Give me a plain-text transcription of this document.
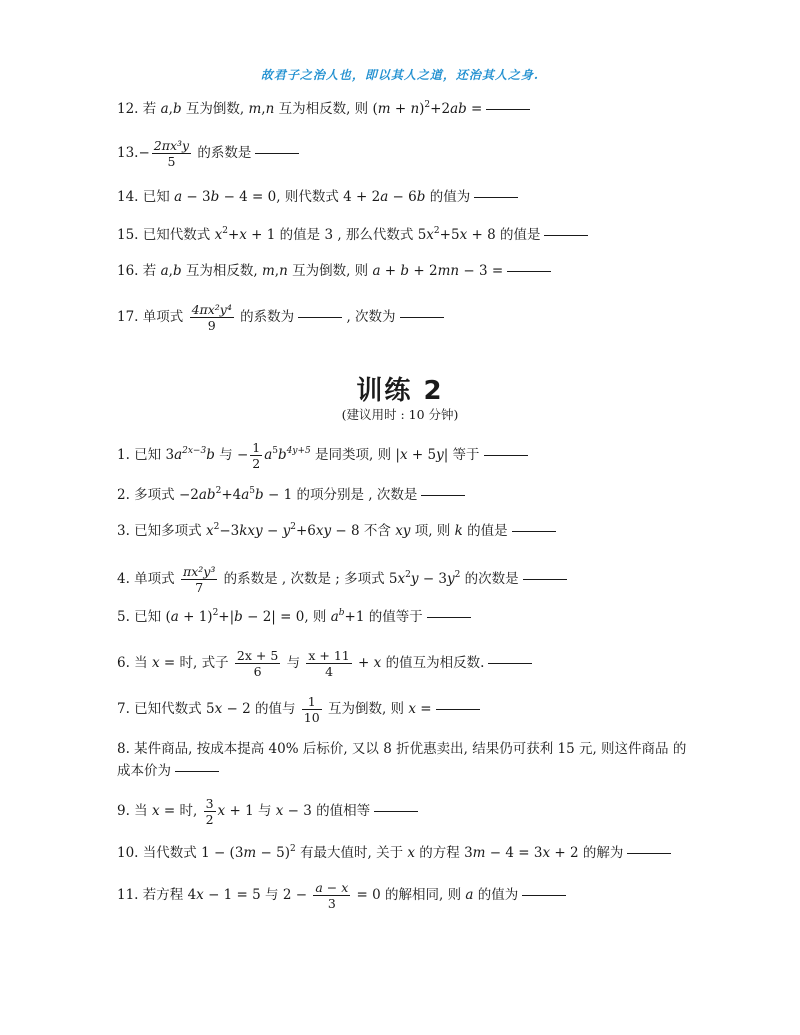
故君子之治人也，即以其人之道，还治其人之身.
12. 若 a,b 互为倒数, m,n 互为相反数, 则 $(m + n)^2+2ab$ =
$13.- \frac{\text{2πx³y}}{5}$ 的系数是
14. 已知 a − 3b − 4 = 0, 则代数式 4 + 2a − 6b 的值为
15. 已知代数式 $x^2+x + 1$ 的值是 3 , 那么代数式 $5x^2+5x + 8$ 的值是
16. 若 a,b 互为相反数, m,n 互为倒数, 则 a + b + 2mn − 3 =
17. 单项式 $\frac{\text{4πx²y⁴}}{9}$ 的系数为	, 次数为
训练 2
(建议用时 : 10 分钟)
1. 已知 $3a^{2x-3}b$ 与 − $\frac{1}{2} a^5b^{4y+5}$ 是同类项, 则 |x + 5y| 等于
2. 多项式 $-2ab^2+4a^5b - 1$ 的项分别是 , 次数是
3. 已知多项式 $x^2-3kxy - y^2+6xy - 8$ 不含 xy 项, 则 k 的值是
4. 单项式 $\frac{\text{πx²y³}}{7}$ 的系数是 , 次数是 ; 多项式 $5x^2y - 3y^2$ 的次数是
5. 已知 $(a + 1)^2+|b - 2| = 0$, 则 $a^b+1$ 的值等于
6. 当 x = 时, 式子 $\frac{2x + 5}{6}$ 与 $\frac{x + 11}{4} + x$ 的值互为相反数.
7. 已知代数式 5x − 2 的值与 $\frac{1}{10}$ 互为倒数, 则 x =
8. 某件商品, 按成本提高 40% 后标价, 又以 8 折优惠卖出, 结果仍可获利 15 元, 则这件商品 的成本价为
9. 当 x = 时, $\frac{3}{2}$ x + 1 与 x − 3 的值相等
10. 当代数式 $1 - (3m - 5)^2$ 有最大值时, 关于 x 的方程 3m − 4 = 3x + 2 的解为
11. 若方程 4x − 1 = 5 与 $2 - \frac{a - x}{3} = 0$ 的解相同, 则 a 的值为
